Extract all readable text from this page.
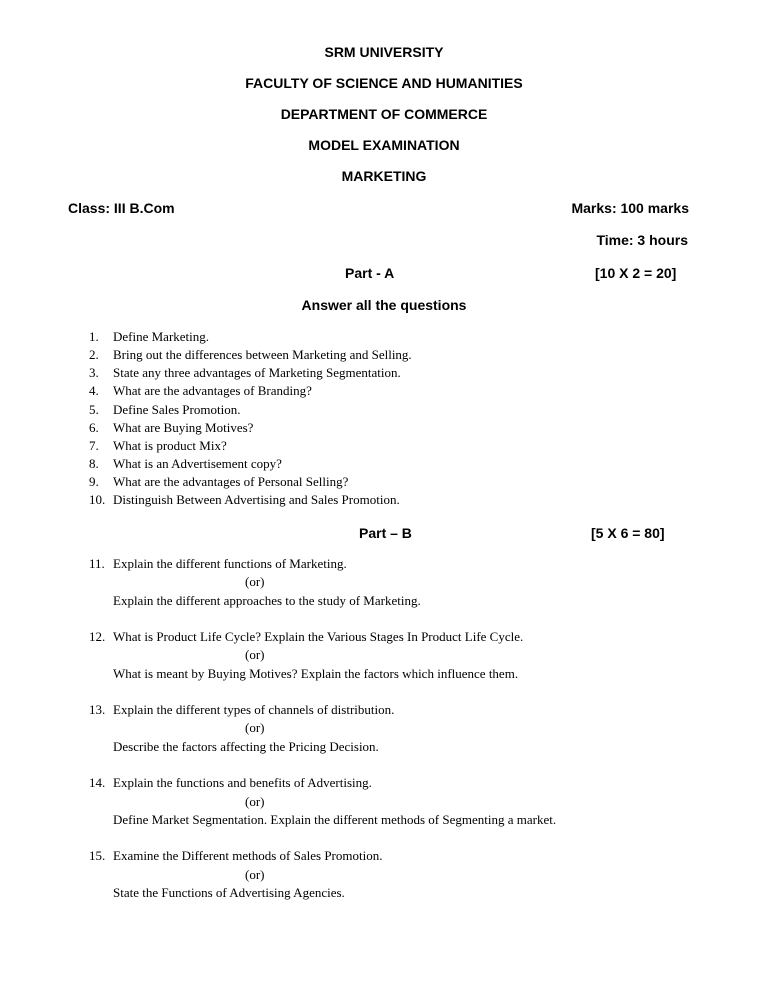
SRM UNIVERSITY
FACULTY OF SCIENCE AND HUMANITIES
DEPARTMENT OF COMMERCE
MODEL EXAMINATION
MARKETING
Class: III B.Com	Marks: 100 marks
Time: 3 hours
Part - A	[10 X 2 = 20]
Answer all the questions
1.	Define Marketing.
2.	Bring out the differences between Marketing and Selling.
3.	State any three advantages of Marketing Segmentation.
4.	What are the advantages of Branding?
5.	Define Sales Promotion.
6.	What are Buying Motives?
7.	What is product Mix?
8.	What is an Advertisement copy?
9.	What are the advantages of Personal Selling?
10. Distinguish Between Advertising and Sales Promotion.
Part – B	[5 X 6 = 80]
11. Explain the different functions of Marketing.
(or)
Explain the different approaches to the study of Marketing.
12. What is Product Life Cycle? Explain the Various Stages In Product Life Cycle.
(or)
What is meant by Buying Motives? Explain the factors which influence them.
13. Explain the different types of channels of distribution.
(or)
Describe the factors affecting the Pricing Decision.
14. Explain the functions and benefits of Advertising.
(or)
Define Market Segmentation. Explain the different methods of Segmenting a market.
15. Examine the Different methods of Sales Promotion.
(or)
State the Functions of Advertising Agencies.
